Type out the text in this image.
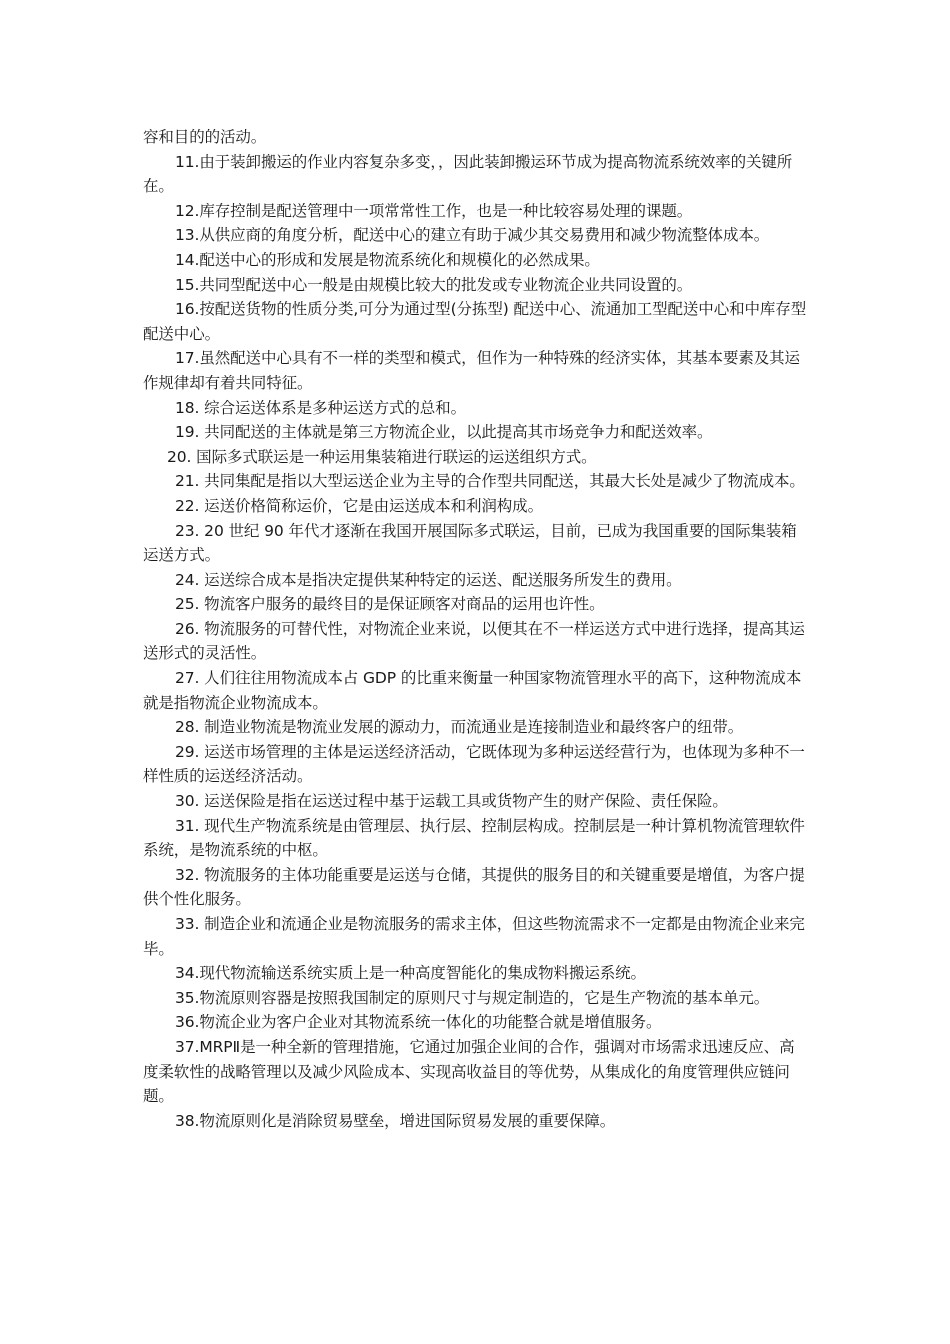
容和目的的活动。

11.由于装卸搬运的作业内容复杂多变，，因此装卸搬运环节成为提高物流系统效率的关键所在。

12.库存控制是配送管理中一项常常性工作，也是一种比较容易处理的课题。

13.从供应商的角度分析，配送中心的建立有助于减少其交易费用和减少物流整体成本。

14.配送中心的形成和发展是物流系统化和规模化的必然成果。

15.共同型配送中心一般是由规模比较大的批发或专业物流企业共同设置的。

16.按配送货物的性质分类,可分为通过型(分拣型) 配送中心、流通加工型配送中心和中库存型配送中心。

17.虽然配送中心具有不一样的类型和模式，但作为一种特殊的经济实体，其基本要素及其运作规律却有着共同特征。

18. 综合运送体系是多种运送方式的总和。

19. 共同配送的主体就是第三方物流企业，以此提高其市场竞争力和配送效率。

20. 国际多式联运是一种运用集装箱进行联运的运送组织方式。

21. 共同集配是指以大型运送企业为主导的合作型共同配送，其最大长处是减少了物流成本。

22. 运送价格简称运价，它是由运送成本和利润构成。

23. 20 世纪 90 年代才逐渐在我国开展国际多式联运，目前，已成为我国重要的国际集装箱运送方式。

24. 运送综合成本是指决定提供某种特定的运送、配送服务所发生的费用。

25. 物流客户服务的最终目的是保证顾客对商品的运用也许性。

26. 物流服务的可替代性，对物流企业来说，以便其在不一样运送方式中进行选择，提高其运送形式的灵活性。

27. 人们往往用物流成本占 GDP 的比重来衡量一种国家物流管理水平的高下，这种物流成本就是指物流企业物流成本。

28. 制造业物流是物流业发展的源动力，而流通业是连接制造业和最终客户的纽带。

29. 运送市场管理的主体是运送经济活动，它既体现为多种运送经营行为，也体现为多种不一样性质的运送经济活动。

30. 运送保险是指在运送过程中基于运载工具或货物产生的财产保险、责任保险。

31. 现代生产物流系统是由管理层、执行层、控制层构成。控制层是一种计算机物流管理软件系统，是物流系统的中枢。

32. 物流服务的主体功能重要是运送与仓储，其提供的服务目的和关键重要是增值，为客户提供个性化服务。

33. 制造企业和流通企业是物流服务的需求主体，但这些物流需求不一定都是由物流企业来完毕。

34.现代物流输送系统实质上是一种高度智能化的集成物料搬运系统。

35.物流原则容器是按照我国制定的原则尺寸与规定制造的，它是生产物流的基本单元。

36.物流企业为客户企业对其物流系统一体化的功能整合就是增值服务。

37.MRPⅡ是一种全新的管理措施，它通过加强企业间的合作，强调对市场需求迅速反应、高度柔软性的战略管理以及减少风险成本、实现高收益目的等优势，从集成化的角度管理供应链问题。

38.物流原则化是消除贸易壁垒，增进国际贸易发展的重要保障。
